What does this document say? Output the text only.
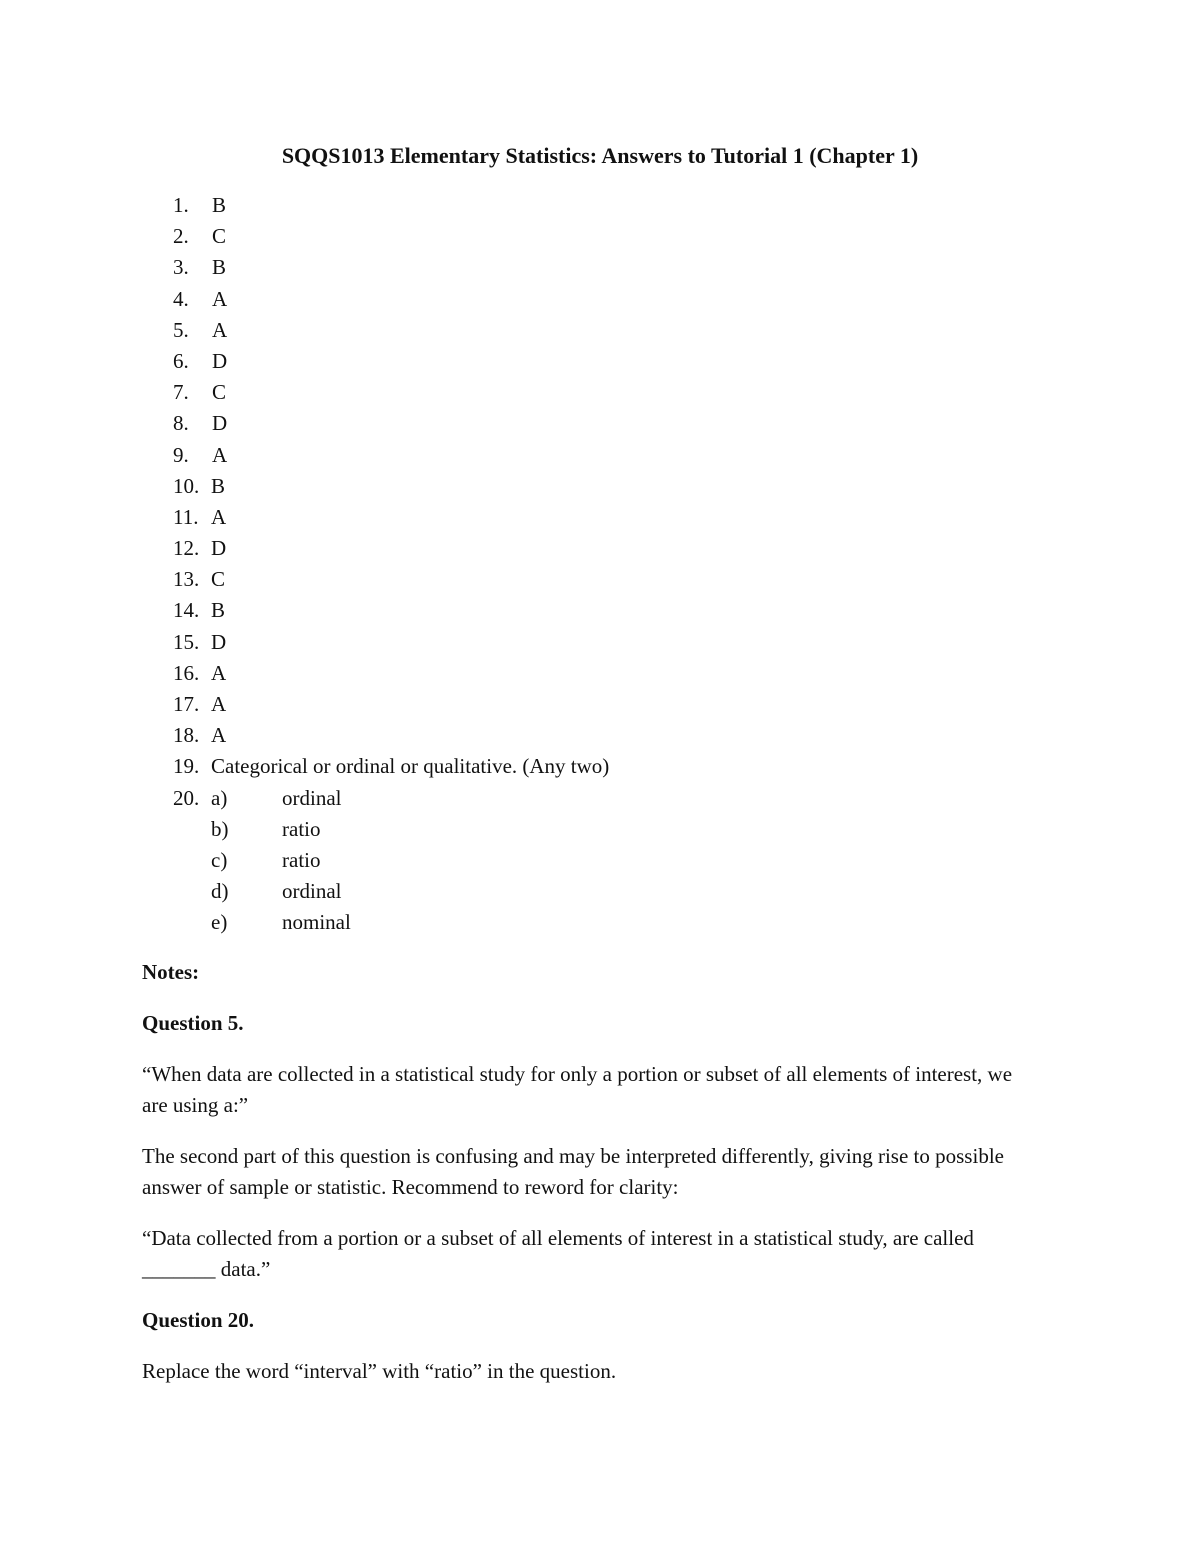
SQQS1013 Elementary Statistics: Answers to Tutorial 1 (Chapter 1)
1. B
2. C
3. B
4. A
5. A
6. D
7. C
8. D
9. A
10. B
11. A
12. D
13. C
14. B
15. D
16. A
17. A
18. A
19. Categorical or ordinal or qualitative. (Any two)
20. a)	ordinal
b)	ratio
c)	ratio
d)	ordinal
e)	nominal
Notes:
Question 5.
“When data are collected in a statistical study for only a portion or subset of all elements of interest, we are using a:”
The second part of this question is confusing and may be interpreted differently, giving rise to possible answer of sample or statistic. Recommend to reword for clarity:
“Data collected from a portion or a subset of all elements of interest in a statistical study, are called _______ data.”
Question 20.
Replace the word “interval” with “ratio” in the question.
